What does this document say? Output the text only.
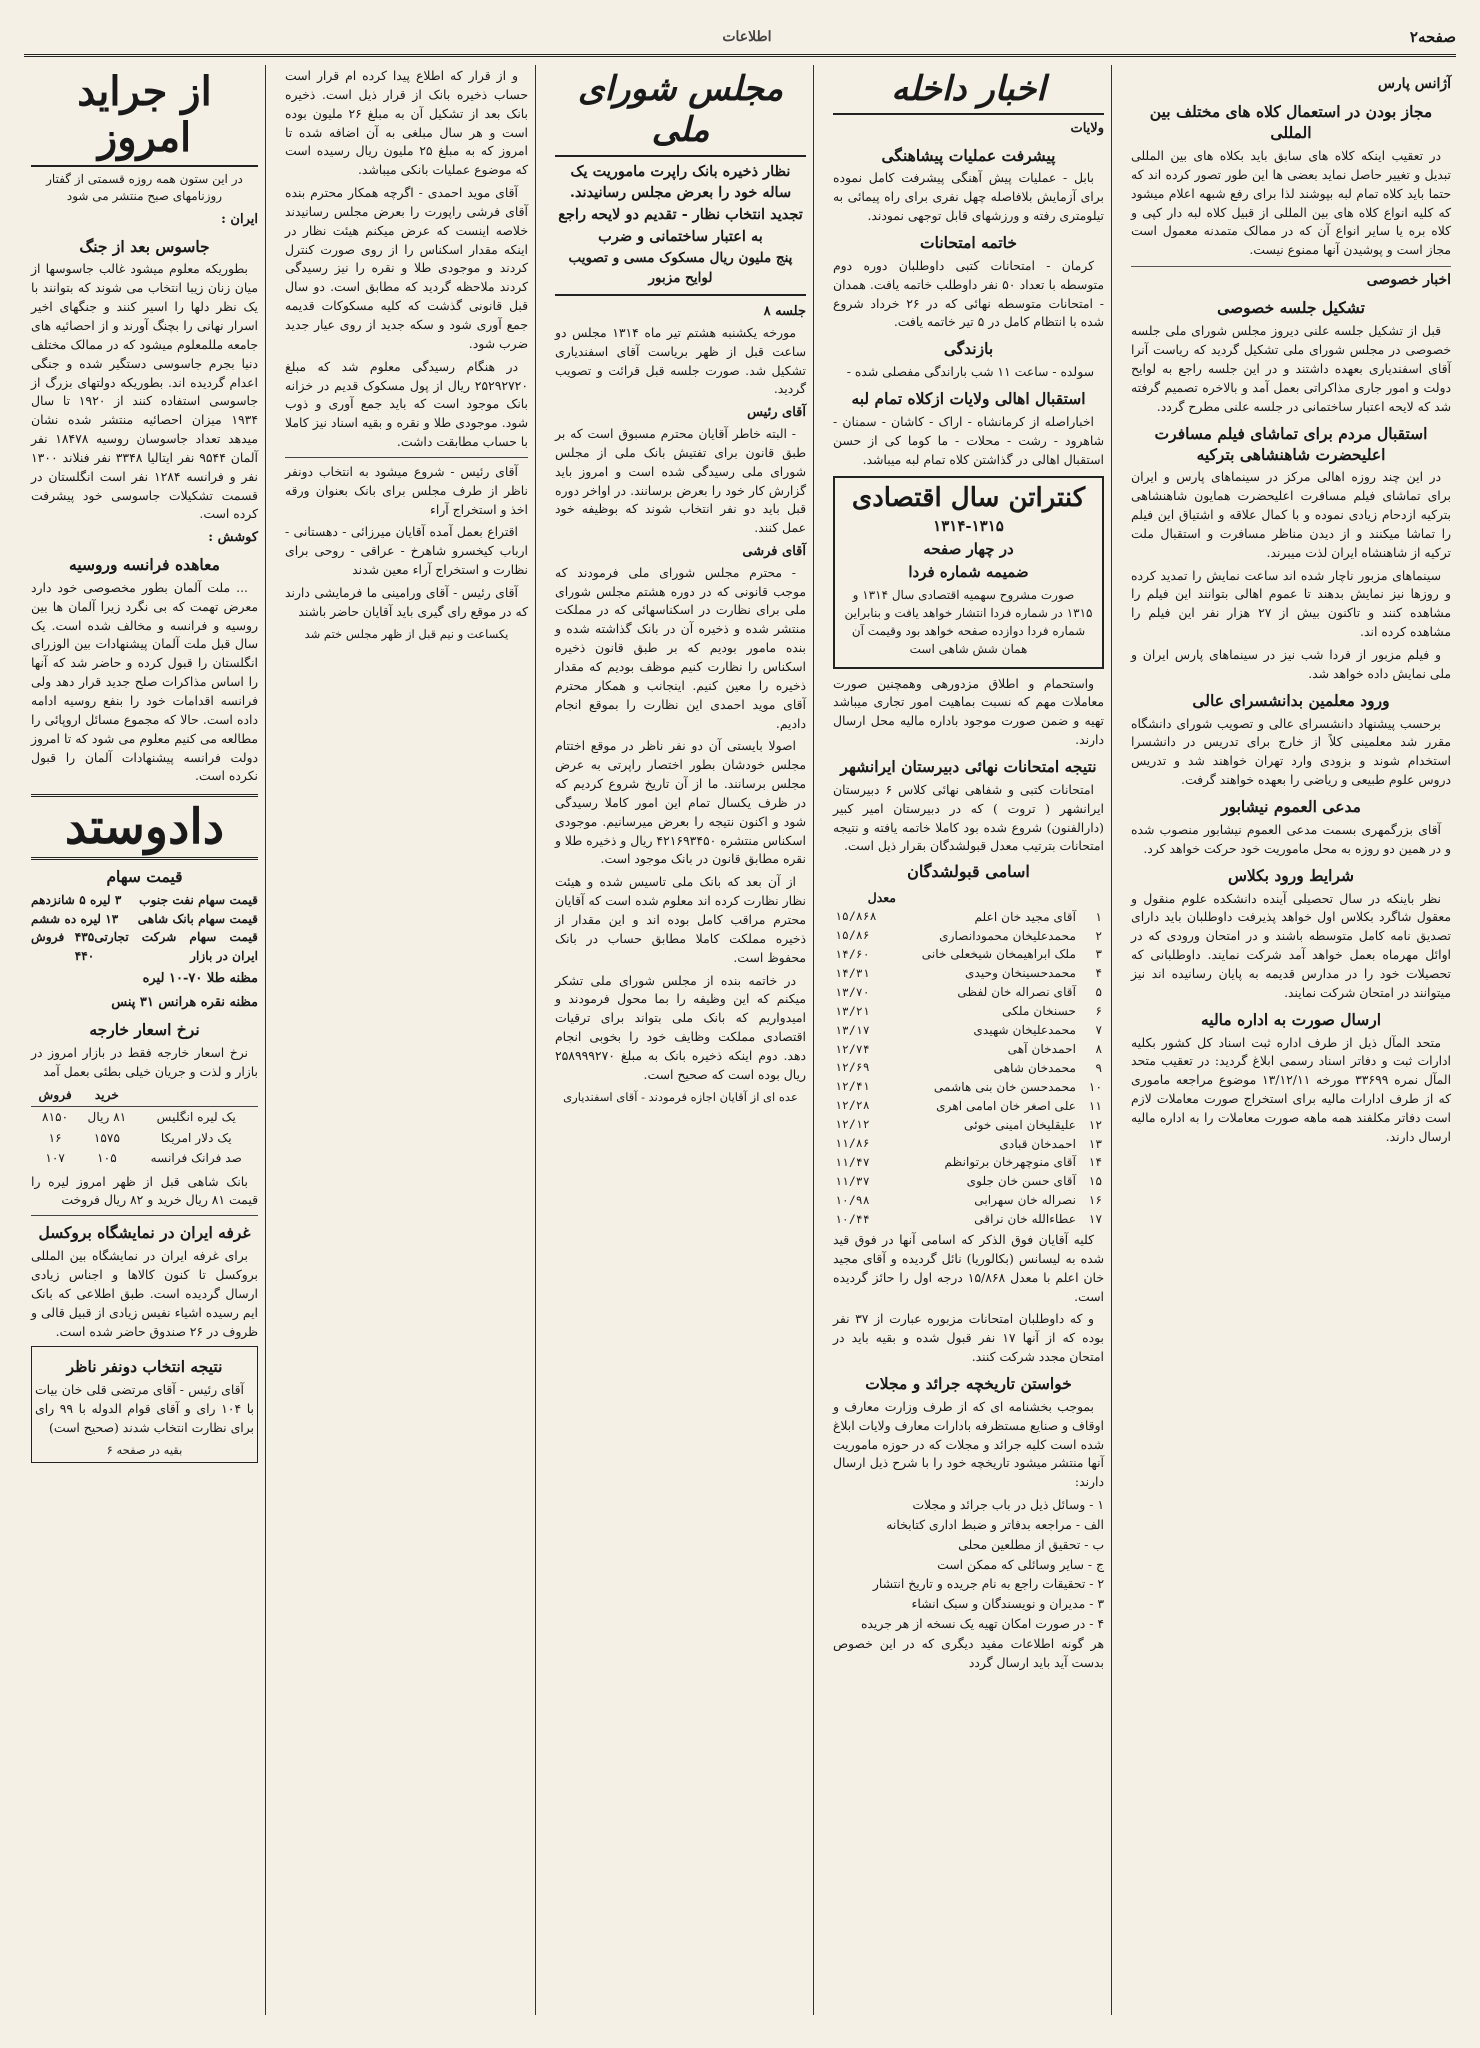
صفحه۲
اطلاعات
از جراید امروز
در این ستون همه روزه قسمتی از گفتار روزنامهای صبح منتشر می شود
ایران :
جاسوس بعد از جنگ

بطوریکه معلوم میشود غالب جاسوسها از میان زنان زیبا انتخاب می شوند که بتوانند با یک نظر دلها را اسیر کنند و جنگهای اخیر اسرار نهانی را بچنگ آورند و از احصائیه های جامعه مللمعلوم میشود که در ممالک مختلف دنیا بجرم جاسوسی دستگیر شده و جنگی اعدام گردیده اند. بطوریکه دولتهای بزرگ از جاسوسی استفاده کنند از ۱۹۲۰ تا سال ۱۹۳۴ میزان احصائیه منتشر شده نشان میدهد تعداد جاسوسان روسیه ۱۸۴۷۸ نفر آلمان ۹۵۴۴ نفر ایتالیا ۳۳۴۸ نفر فنلاند ۱۳۰۰ نفر و فرانسه ۱۲۸۴ نفر است انگلستان در قسمت تشکیلات جاسوسی خود پیشرفت کرده است.

کوشش :
معاهده فرانسه وروسیه

... ملت آلمان بطور مخصوصی خود دارد معرض تهمت که بی نگرد زیرا آلمان ها بین روسیه و فرانسه و مخالف شده است. یک سال قبل ملت آلمان پیشنهادات بین الوزرای انگلستان را قبول کرده و حاضر شد که آنها را اساس مذاکرات صلح جدید قرار دهد ولی فرانسه اقدامات خود را بنفع روسیه ادامه داده است. حالا که مجموع مسائل اروپائی را مطالعه می کنیم معلوم می شود که تا امروز دولت فرانسه پیشنهادات آلمان را قبول نکرده است.

دادوستد
قیمت سهام
قیمت سهام نفت جنوب
۳ لیره ۵ شانزدهم
قیمت سهام بانک شاهی
۱۳ لیره ده ششم
قیمت سهام شرکت تجارتی ایران در بازار
۴۳۵ فروش ۴۴۰
مظنه طلا ۷۰-۱۰ لیره
مظنه نقره هرانس ۳۱ پنس
نرخ اسعار خارجه

نرخ اسعار خارجه فقط در بازار امروز در بازار و لذت و جریان خیلی بطئی بعمل آمد

	خرید	فروش
یک لیره انگلیس	۸۱ ریال	۸۱۵۰
یک دلار امریکا	۱۵۷۵	۱۶
صد فرانک فرانسه	۱۰۵	۱۰۷

بانک شاهی قبل از ظهر امروز لیره را قیمت ۸۱ ریال خرید و ۸۲ ریال فروخت

غرفه ایران در نمایشگاه بروکسل

برای غرفه ایران در نمایشگاه بین المللی بروکسل تا کنون کالاها و اجناس زیادی ارسال گردیده است. طبق اطلاعی که بانک ایم رسیده اشیاء نفیس زیادی از قبیل قالی و ظروف در ۲۶ صندوق حاضر شده است.

نتیجه انتخاب دونفر ناظر

آقای رئیس - آقای مرتضی قلی خان بیات با ۱۰۴ رای و آقای قوام الدوله با ۹۹ رای برای نظارت انتخاب شدند (صحیح است)

بقیه در صفحه ۶

و از قرار که اطلاع پیدا کرده ام قرار است حساب ذخیره بانک از قرار ذیل است. ذخیره بانک بعد از تشکیل آن به مبلغ ۲۶ ملیون بوده است و هر سال مبلغی به آن اضافه شده تا امروز که به مبلغ ۲۵ ملیون ریال رسیده است که موضوع عملیات بانکی میباشد.

آقای موید احمدی - اگرچه همکار محترم بنده آقای فرشی راپورت را بعرض مجلس رسانیدند خلاصه اینست که عرض میکنم هیئت نظار در اینکه مقدار اسکناس را از روی صورت کنترل کردند و موجودی طلا و نقره را نیز رسیدگی کردند ملاحظه گردید که مطابق است. دو سال قبل قانونی گذشت که کلیه مسکوکات قدیمه جمع آوری شود و سکه جدید از روی عیار جدید ضرب شود.

در هنگام رسیدگی معلوم شد که مبلغ ۲۵۲۹۲۷۲۰ ریال از پول مسکوک قدیم در خزانه بانک موجود است که باید جمع آوری و ذوب شود. موجودی طلا و نقره و بقیه اسناد نیز کاملا با حساب مطابقت داشت.

آقای رئیس - شروع میشود به انتخاب دونفر ناظر از طرف مجلس برای بانک بعنوان ورقه اخذ و استخراج آراء

اقتراع بعمل آمده آقایان میرزائی - دهستانی - ارباب کیخسرو شاهرخ - عراقی - روحی برای نظارت و استخراج آراء معین شدند

آقای رئیس - آقای ورامینی ما فرمایشی دارند که در موقع رای گیری باید آقایان حاضر باشند

یکساعت و نیم قبل از ظهر مجلس ختم شد
مجلس شورای ملی
نظار ذخیره بانک راپرت ماموریت یک ساله خود را بعرض مجلس رسانیدند.
تجدید انتخاب نظار - تقدیم دو لایحه راجع به اعتبار ساختمانی و ضرب
پنج ملیون ریال مسکوک مسی و تصویب لوایح مزبور
جلسه ۸

مورخه یکشنبه هشتم تیر ماه ۱۳۱۴ مجلس دو ساعت قبل از ظهر بریاست آقای اسفندیاری تشکیل شد. صورت جلسه قبل قرائت و تصویب گردید.

آقای رئیس

- البته خاطر آقایان محترم مسبوق است که بر طبق قانون برای تفتیش بانک ملی از مجلس شورای ملی رسیدگی شده است و امروز باید گزارش کار خود را بعرض برسانند. در اواخر دوره قبل باید دو نفر انتخاب شوند که بوظیفه خود عمل کنند.

آقای فرشی

- محترم مجلس شورای ملی فرمودند که موجب قانونی که در دوره هشتم مجلس شورای ملی برای نظارت در اسکناسهائی که در مملکت منتشر شده و ذخیره آن در بانک گذاشته شده و بنده مامور بودیم که بر طبق قانون ذخیره اسکناس را نظارت کنیم موظف بودیم که مقدار ذخیره را معین کنیم. اینجانب و همکار محترم آقای موید احمدی این نظارت را بموقع انجام دادیم.

اصولا بایستی آن دو نفر ناظر در موقع اختتام مجلس خودشان بطور اختصار راپرتی به عرض مجلس برسانند. ما از آن تاریخ شروع کردیم که در ظرف یکسال تمام این امور کاملا رسیدگی شود و اکنون نتیجه را بعرض میرسانیم. موجودی اسکناس منتشره ۴۲۱۶۹۳۴۵۰ ریال و ذخیره طلا و نقره مطابق قانون در بانک موجود است.

از آن بعد که بانک ملی تاسیس شده و هیئت نظار نظارت کرده اند معلوم شده است که آقایان محترم مراقب کامل بوده اند و این مقدار از ذخیره مملکت کاملا مطابق حساب در بانک محفوظ است.

در خاتمه بنده از مجلس شورای ملی تشکر میکنم که این وظیفه را بما محول فرمودند و امیدواریم که بانک ملی بتواند برای ترقیات اقتصادی مملکت وظایف خود را بخوبی انجام دهد. دوم اینکه ذخیره بانک به مبلغ ۲۵۸۹۹۹۲۷۰ ریال بوده است که صحیح است.

عده ای از آقایان اجازه فرمودند - آقای اسفندیاری
اخبار داخله
ولایات
پیشرفت عملیات پیشاهنگی

بابل - عملیات پیش آهنگی پیشرفت کامل نموده برای آزمایش بلافاصله چهل نفری برای راه پیمائی به تیلومتری رفته و ورزشهای قابل توجهی نمودند.

خاتمه امتحانات

کرمان - امتحانات کتبی داوطلبان دوره دوم متوسطه با تعداد ۵۰ نفر داوطلب خاتمه یافت. همدان - امتحانات متوسطه نهائی که در ۲۶ خرداد شروع شده با انتظام کامل در ۵ تیر خاتمه یافت.

بازندگی

سولده - ساعت ۱۱ شب باراندگی مفصلی شده -

استقبال اهالی ولایات ازکلاه تمام لبه

اخباراصله از کرمانشاه - اراک - کاشان - سمنان - شاهرود - رشت - محلات - ما کوما کی از حسن استقبال اهالی در گذاشتن کلاه تمام لبه میباشد.

کنتراتن سال اقتصادی
۱۳۱۴-۱۳۱۵
در چهار صفحه
ضمیمه شماره فردا

صورت مشروح سهمیه اقتصادی سال ۱۳۱۴ و ۱۳۱۵ در شماره فردا انتشار خواهد یافت و بنابراین شماره فردا دوازده صفحه خواهد بود وقیمت آن همان شش شاهی است

واستحمام و اطلاق مزدورهی وهمچنین صورت معاملات مهم که نسبت بماهیت امور تجاری میباشد تهیه و ضمن صورت موجود باداره مالیه محل ارسال دارند.

نتیجه امتحانات نهائی دبیرستان ایرانشهر

امتحانات کتبی و شفاهی نهائی کلاس ۶ دبیرستان ایرانشهر ( تروت ) که در دبیرستان امیر کبیر (دارالفنون) شروع شده بود کاملا خاتمه یافته و نتیجه امتحانات بترتیب معدل قبولشدگان بقرار ذیل است.

اسامی قبولشدگان
		معدل
۱	آقای مجید خان اعلم	۱۵/۸۶۸
۲	محمدعلیخان محمودانصاری	۱۵/۸۶
۳	ملک ابراهیمخان شیخعلی خانی	۱۴/۶۰
۴	محمدحسینخان وحیدی	۱۴/۳۱
۵	آقای نصراله خان لفظی	۱۳/۷۰
۶	حسنخان ملکی	۱۳/۲۱
۷	محمدعلیخان شهیدی	۱۳/۱۷
۸	احمدخان آهی	۱۲/۷۴
۹	محمدخان شاهی	۱۲/۶۹
۱۰	محمدحسن خان بنی هاشمی	۱۲/۴۱
۱۱	علی اصغر خان امامی اهری	۱۲/۲۸
۱۲	علیقلیخان امینی خوئی	۱۲/۱۲
۱۳	احمدخان قبادی	۱۱/۸۶
۱۴	آقای منوچهرخان برتوانظم	۱۱/۴۷
۱۵	آقای حسن خان جلوی	۱۱/۳۷
۱۶	نصراله خان سهرابی	۱۰/۹۸
۱۷	عطاءالله خان نراقی	۱۰/۴۴

کلیه آقایان فوق الذکر که اسامی آنها در فوق قید شده به لیسانس (بکالوریا) نائل گردیده و آقای مجید خان اعلم با معدل ۱۵/۸۶۸ درجه اول را حائز گردیده است.

و که داوطلبان امتحانات مزبوره عبارت از ۳۷ نفر بوده که از آنها ۱۷ نفر قبول شده و بقیه باید در امتحان مجدد شرکت کنند.

خواستن تاریخچه جرائد و مجلات

بموجب بخشنامه ای که از طرف وزارت معارف و اوقاف و صنایع مستظرفه بادارات معارف ولایات ابلاغ شده است کلیه جرائد و مجلات که در حوزه ماموریت آنها منتشر میشود تاریخچه خود را با شرح ذیل ارسال دارند:

۱ - وسائل ذیل در باب جرائد و مجلات
الف - مراجعه بدفاتر و ضبط اداری کتابخانه
ب - تحقیق از مطلعین محلی
ج - سایر وسائلی که ممکن است
۲ - تحقیقات راجع به نام جریده و تاریخ انتشار
۳ - مدیران و نویسندگان و سبک انشاء
۴ - در صورت امکان تهیه یک نسخه از هر جریده
هر گونه اطلاعات مفید دیگری که در این خصوص بدست آید باید ارسال گردد
آژانس پارس
مجاز بودن در استعمال کلاه های مختلف بین المللی

در تعقیب اینکه کلاه های سابق باید بکلاه های بین المللی تبدیل و تغییر حاصل نماید بعضی ها این طور تصور کرده اند که حتما باید کلاه تمام لبه بپوشند لذا برای رفع شبهه اعلام میشود که کلیه انواع کلاه های بین المللی از قبیل کلاه لبه دار کپی و کلاه بره یا سایر انواع آن که در ممالک متمدنه معمول است مجاز است و پوشیدن آنها ممنوع نیست.

اخبار خصوصی
تشکیل جلسه خصوصی

قبل از تشکیل جلسه علنی دیروز مجلس شورای ملی جلسه خصوصی در مجلس شورای ملی تشکیل گردید که ریاست آنرا آقای اسفندیاری بعهده داشتند و در این جلسه راجع به لوایح دولت و امور جاری مذاکراتی بعمل آمد و بالاخره تصمیم گرفته شد که لایحه اعتبار ساختمانی در جلسه علنی مطرح گردد.

استقبال مردم برای تماشای فیلم مسافرت اعلیحضرت شاهنشاهی بترکیه

در این چند روزه اهالی مرکز در سینماهای پارس و ایران برای تماشای فیلم مسافرت اعلیحضرت همایون شاهنشاهی بترکیه ازدحام زیادی نموده و با کمال علاقه و اشتیاق این فیلم را تماشا میکنند و از دیدن مناظر مسافرت و استقبال ملت ترکیه از شاهنشاه ایران لذت میبرند.

سینماهای مزبور ناچار شده اند ساعت نمایش را تمدید کرده و روزها نیز نمایش بدهند تا عموم اهالی بتوانند این فیلم را مشاهده کنند و تاکنون بیش از ۲۷ هزار نفر این فیلم را مشاهده کرده اند.

و فیلم مزبور از فردا شب نیز در سینماهای پارس ایران و ملی نمایش داده خواهد شد.

ورود معلمین بدانشسرای عالی

برحسب پیشنهاد دانشسرای عالی و تصویب شورای دانشگاه مقرر شد معلمینی کلاً از خارج برای تدریس در دانشسرا استخدام شوند و بزودی وارد تهران خواهند شد و تدریس دروس علوم طبیعی و ریاضی را بعهده خواهند گرفت.

مدعی العموم نیشابور

آقای بزرگمهری بسمت مدعی العموم نیشابور منصوب شده و در همین دو روزه به محل ماموریت خود حرکت خواهد کرد.

شرایط ورود بکلاس

نظر باینکه در سال تحصیلی آینده دانشکده علوم منقول و معقول شاگرد بکلاس اول خواهد پذیرفت داوطلبان باید دارای تصدیق نامه کامل متوسطه باشند و در امتحان ورودی که در اوائل مهرماه بعمل خواهد آمد شرکت نمایند. داوطلبانی که تحصیلات خود را در مدارس قدیمه به پایان رسانیده اند نیز میتوانند در امتحان شرکت نمایند.

ارسال صورت به اداره مالیه

متحد المآل ذیل از طرف اداره ثبت اسناد کل کشور بکلیه ادارات ثبت و دفاتر اسناد رسمی ابلاغ گردید: در تعقیب متحد المآل نمره ۳۳۶۹۹ مورخه ۱۳/۱۲/۱۱ موضوع مراجعه ماموری که از طرف ادارات مالیه برای استخراج صورت معاملات لازم است دفاتر مکلفند همه ماهه صورت معاملات را به اداره مالیه ارسال دارند.
